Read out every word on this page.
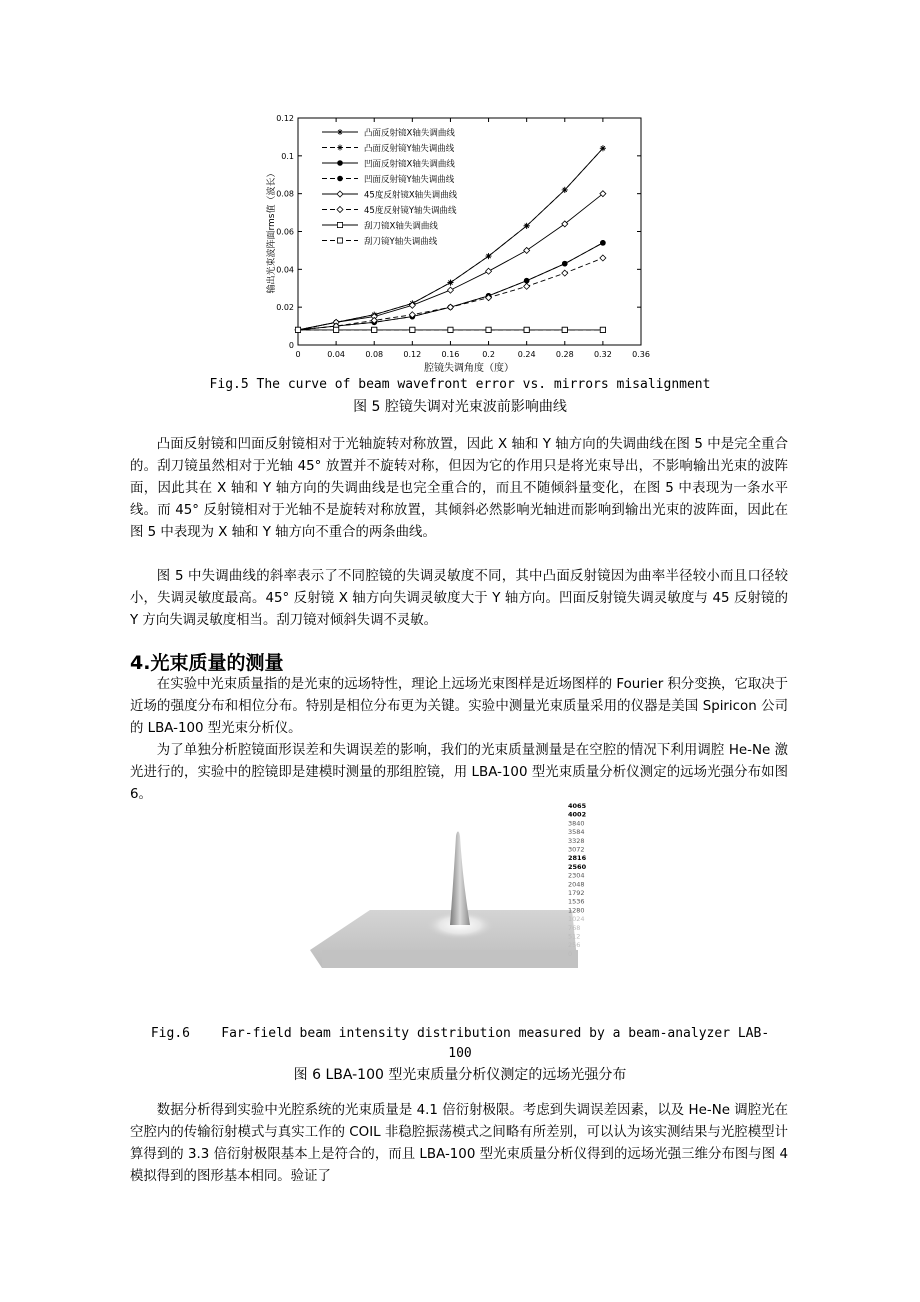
0	0.04	0.08	0.12	0.16	0.2	0.24	0.28	0.32	0.36
0
0.02
0.04
0.06
0.08
0.1
0.12
凸面反射镜X轴失调曲线
凸面反射镜Y轴失调曲线
凹面反射镜X轴失调曲线
凹面反射镜Y轴失调曲线
45度反射镜X轴失调曲线
45度反射镜Y轴失调曲线
刮刀镜X轴失调曲线
刮刀镜Y轴失调曲线
腔镜失调角度（度）
输出光束波阵面rms值（波长）
Fig.5 The curve of beam wavefront error vs. mirrors misalignment
图 5 腔镜失调对光束波前影响曲线

凸面反射镜和凹面反射镜相对于光轴旋转对称放置，因此 X 轴和 Y 轴方向的失调曲线在图 5 中是完全重合的。刮刀镜虽然相对于光轴 45° 放置并不旋转对称，但因为它的作用只是将光束导出，不影响输出光束的波阵面，因此其在 X 轴和 Y 轴方向的失调曲线是也完全重合的，而且不随倾斜量变化，在图 5 中表现为一条水平线。而 45° 反射镜相对于光轴不是旋转对称放置，其倾斜必然影响光轴进而影响到输出光束的波阵面，因此在图 5 中表现为 X 轴和 Y 轴方向不重合的两条曲线。

图 5 中失调曲线的斜率表示了不同腔镜的失调灵敏度不同，其中凸面反射镜因为曲率半径较小而且口径较小，失调灵敏度最高。45° 反射镜 X 轴方向失调灵敏度大于 Y 轴方向。凹面反射镜失调灵敏度与 45 反射镜的 Y 方向失调灵敏度相当。刮刀镜对倾斜失调不灵敏。

4.光束质量的测量

在实验中光束质量指的是光束的远场特性，理论上远场光束图样是近场图样的 Fourier 积分变换，它取决于近场的强度分布和相位分布。特别是相位分布更为关键。实验中测量光束质量采用的仪器是美国 Spiricon 公司的 LBA-100 型光束分析仪。

为了单独分析腔镜面形误差和失调误差的影响，我们的光束质量测量是在空腔的情况下利用调腔 He-Ne 激光进行的，实验中的腔镜即是建模时测量的那组腔镜，用 LBA-100 型光束质量分析仪测定的远场光强分布如图 6。

4065
4002
3840
3584
3328
3072
2816
2560
2304
2048
1792
1536
1280
1024
768
512
256
0
Fig.6    Far-field beam intensity distribution measured by a beam-analyzer LAB-
100
图 6 LBA-100 型光束质量分析仪测定的远场光强分布

数据分析得到实验中光腔系统的光束质量是 4.1 倍衍射极限。考虑到失调误差因素，以及 He-Ne 调腔光在空腔内的传输衍射模式与真实工作的 COIL 非稳腔振荡模式之间略有所差别，可以认为该实测结果与光腔模型计算得到的 3.3 倍衍射极限基本上是符合的，而且 LBA-100 型光束质量分析仪得到的远场光强三维分布图与图 4 模拟得到的图形基本相同。验证了
